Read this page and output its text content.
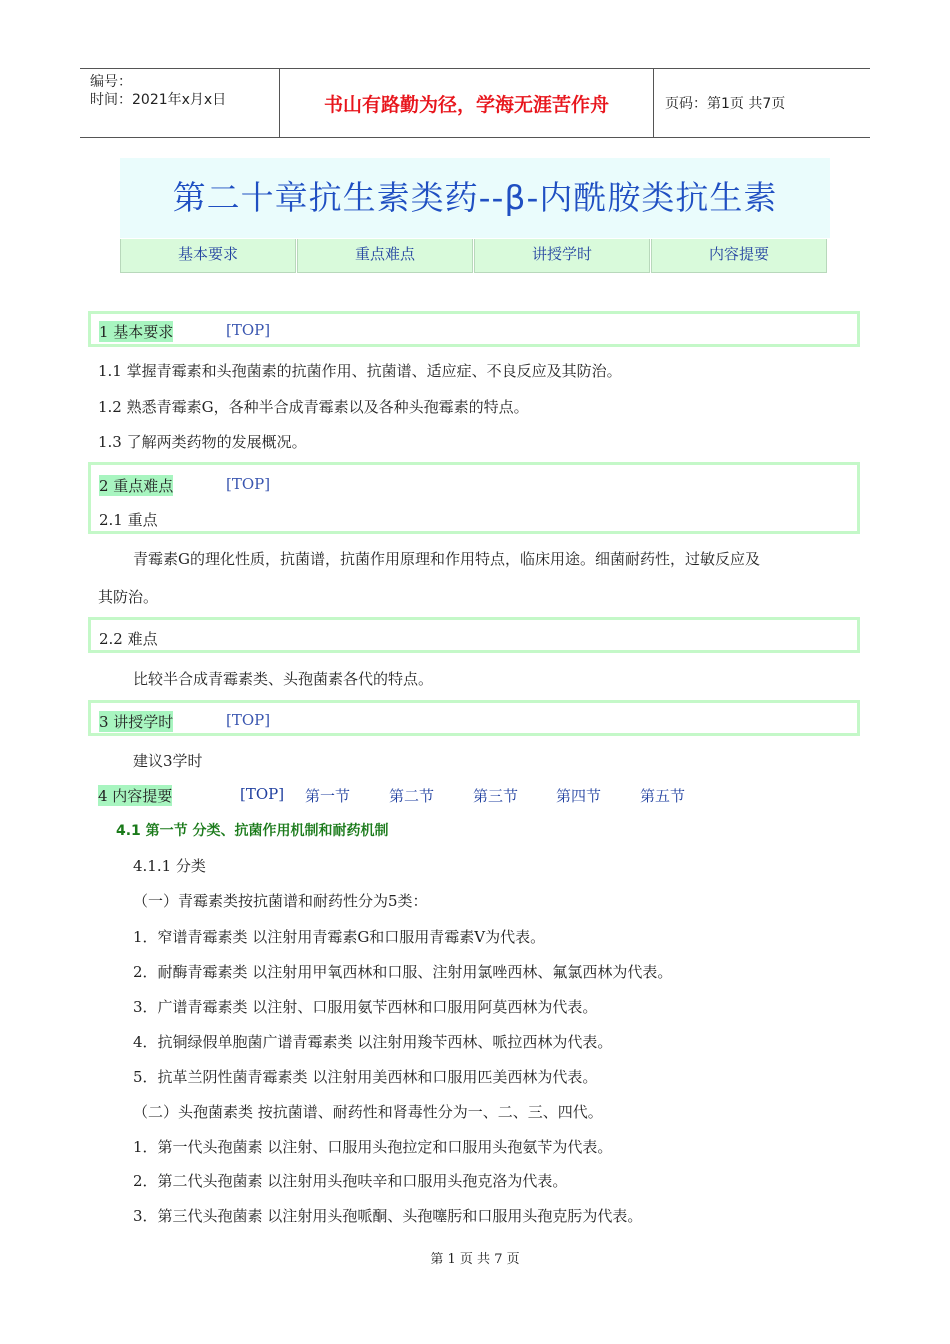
编号：
时间：2021年x月x日	书山有路勤为径，学海无涯苦作舟	页码：第1页 共7页
第二十章抗生素类药--β-内酰胺类抗生素
基本要求	重点难点	讲授学时	内容提要
1 基本要求	[TOP]
1.1 掌握青霉素和头孢菌素的抗菌作用、抗菌谱、适应症、不良反应及其防治。
1.2 熟悉青霉素G，各种半合成青霉素以及各种头孢霉素的特点。
1.3 了解两类药物的发展概况。
2 重点难点	[TOP]
2.1 重点
青霉素G的理化性质，抗菌谱，抗菌作用原理和作用特点，临床用途。细菌耐药性，过敏反应及
其防治。
2.2 难点
比较半合成青霉素类、头孢菌素各代的特点。
3 讲授学时	[TOP]
建议3学时
4 内容提要	[TOP] 第一节	第二节	第三节	第四节	第五节
4.1 第一节 分类、抗菌作用机制和耐药机制
4.1.1 分类
（一）青霉素类按抗菌谱和耐药性分为5类：
1．窄谱青霉素类 以注射用青霉素G和口服用青霉素V为代表。
2．耐酶青霉素类 以注射用甲氧西林和口服、注射用氯唑西林、氟氯西林为代表。
3．广谱青霉素类 以注射、口服用氨苄西林和口服用阿莫西林为代表。
4．抗铜绿假单胞菌广谱青霉素类 以注射用羧苄西林、哌拉西林为代表。
5．抗革兰阴性菌青霉素类 以注射用美西林和口服用匹美西林为代表。
（二）头孢菌素类 按抗菌谱、耐药性和肾毒性分为一、二、三、四代。
1．第一代头孢菌素 以注射、口服用头孢拉定和口服用头孢氨苄为代表。
2．第二代头孢菌素 以注射用头孢呋辛和口服用头孢克洛为代表。
3．第三代头孢菌素 以注射用头孢哌酮、头孢噻肟和口服用头孢克肟为代表。
第 1 页 共 7 页
